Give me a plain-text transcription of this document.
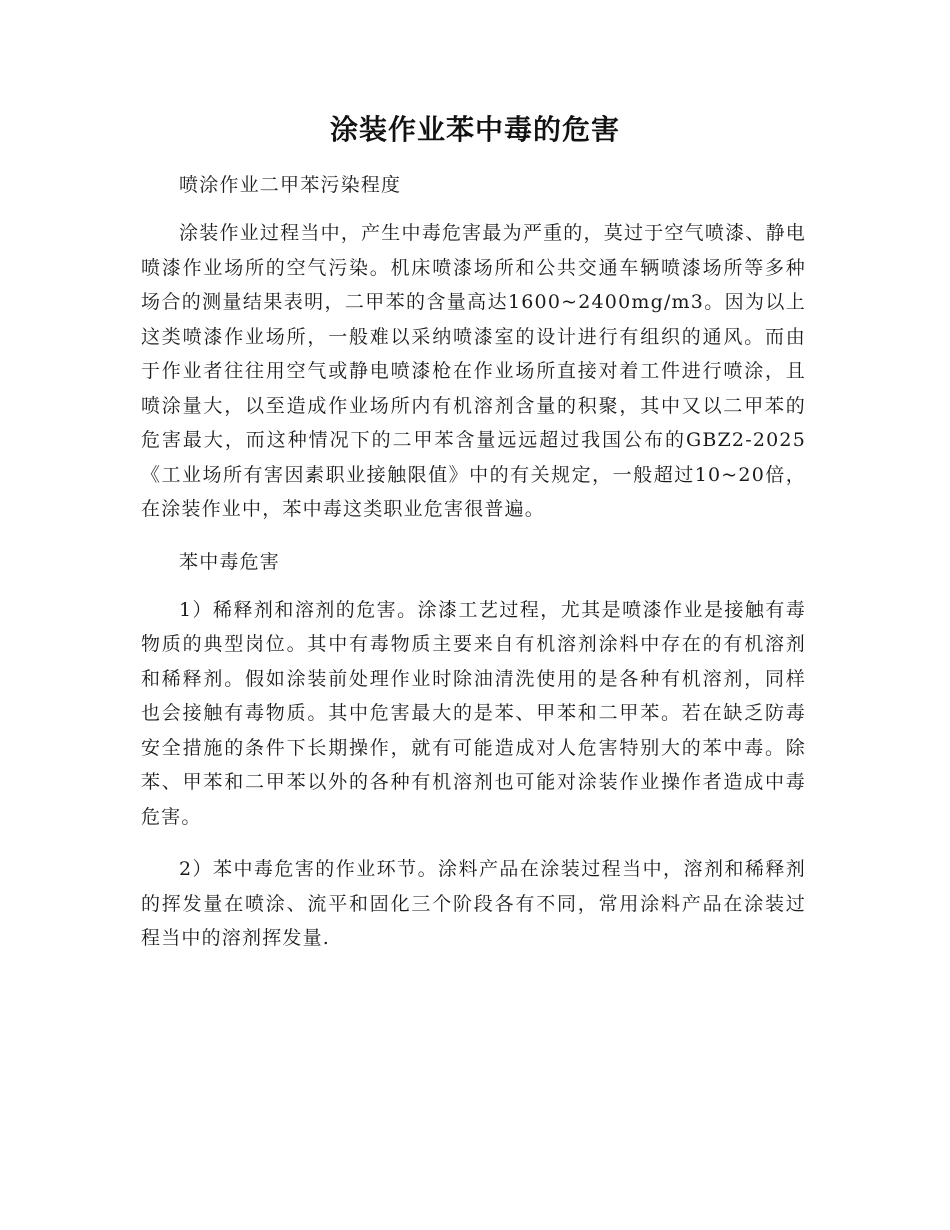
涂装作业苯中毒的危害

喷涂作业二甲苯污染程度

涂装作业过程当中，产生中毒危害最为严重的，莫过于空气喷漆、静电喷漆作业场所的空气污染。机床喷漆场所和公共交通车辆喷漆场所等多种场合的测量结果表明，二甲苯的含量高达1600~2400mg/m3。因为以上这类喷漆作业场所，一般难以采纳喷漆室的设计进行有组织的通风。而由于作业者往往用空气或静电喷漆枪在作业场所直接对着工件进行喷涂，且喷涂量大，以至造成作业场所内有机溶剂含量的积聚，其中又以二甲苯的危害最大，而这种情况下的二甲苯含量远远超过我国公布的GBZ2-2025《工业场所有害因素职业接触限值》中的有关规定，一般超过10~20倍，在涂装作业中，苯中毒这类职业危害很普遍。

苯中毒危害

1）稀释剂和溶剂的危害。涂漆工艺过程，尤其是喷漆作业是接触有毒物质的典型岗位。其中有毒物质主要来自有机溶剂涂料中存在的有机溶剂和稀释剂。假如涂装前处理作业时除油清洗使用的是各种有机溶剂，同样也会接触有毒物质。其中危害最大的是苯、甲苯和二甲苯。若在缺乏防毒安全措施的条件下长期操作，就有可能造成对人危害特别大的苯中毒。除苯、甲苯和二甲苯以外的各种有机溶剂也可能对涂装作业操作者造成中毒危害。

2）苯中毒危害的作业环节。涂料产品在涂装过程当中，溶剂和稀释剂的挥发量在喷涂、流平和固化三个阶段各有不同，常用涂料产品在涂装过程当中的溶剂挥发量.
